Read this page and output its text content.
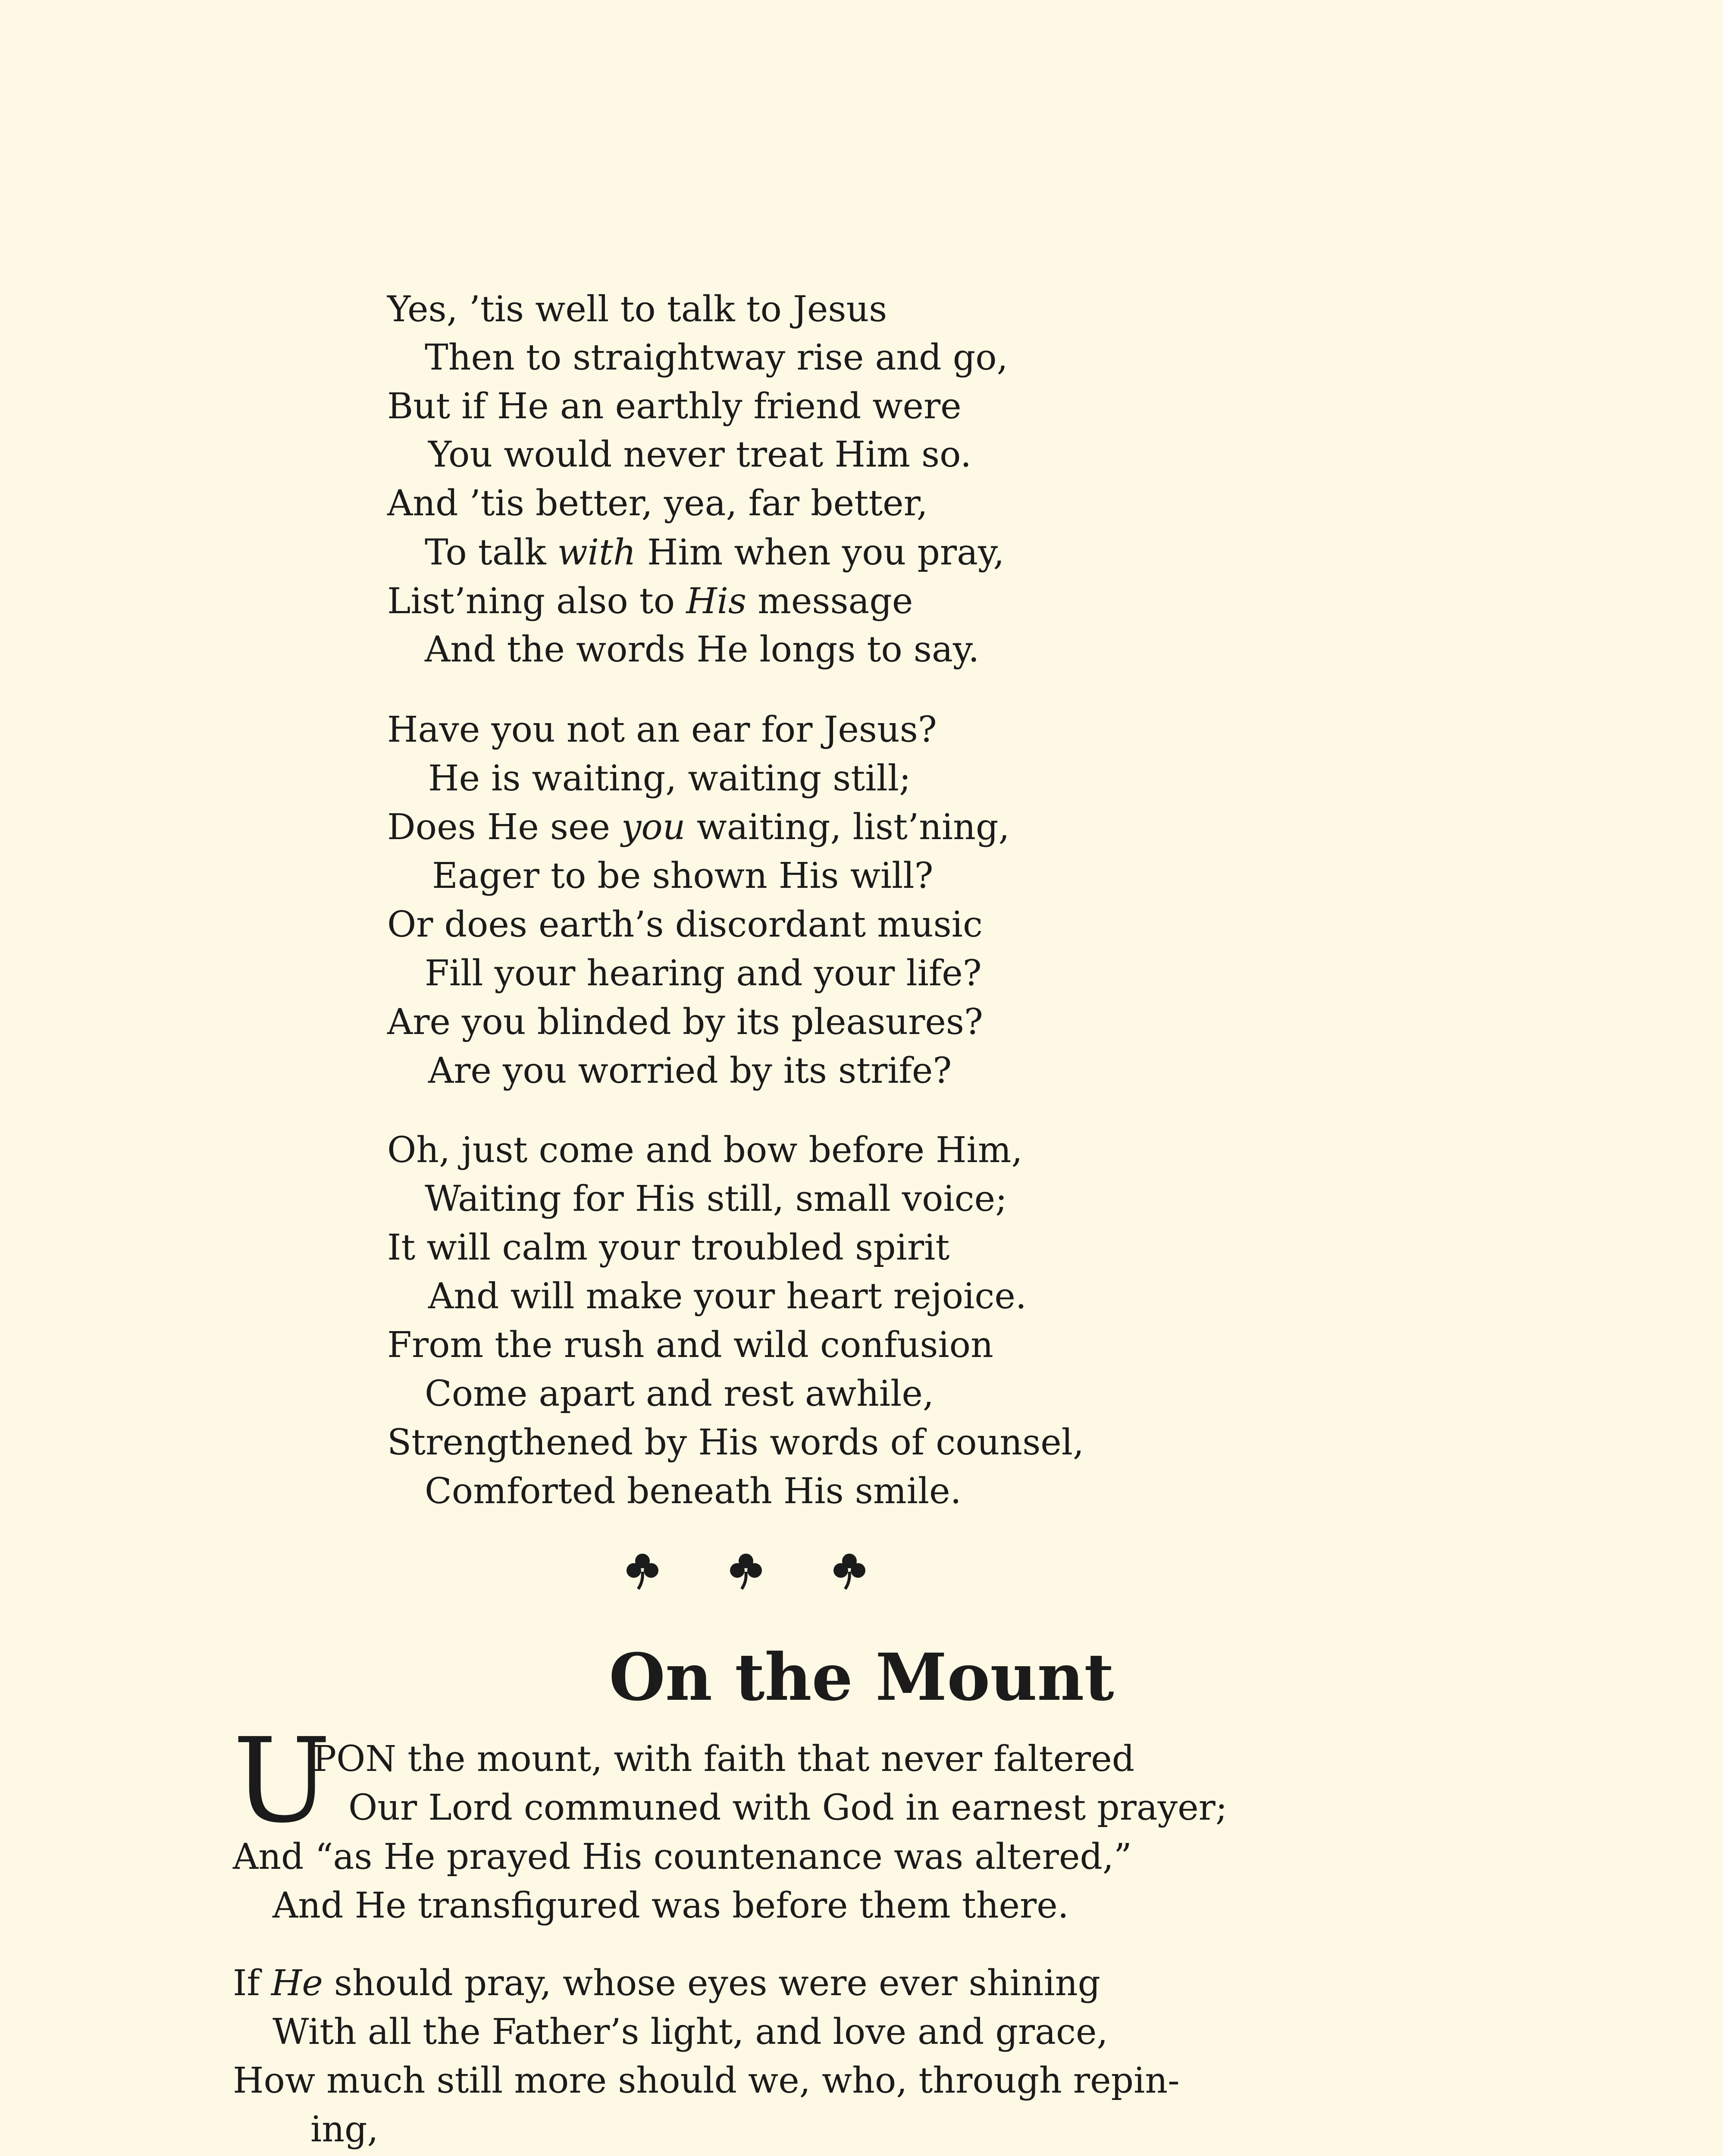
Yes, ’tis well to talk to Jesus
Then to straightway rise and go,
But if He an earthly friend were
You would never treat Him so.
And ’tis better, yea, far better,
To talk with Him when you pray,
List’ning also to His message
And the words He longs to say.
Have you not an ear for Jesus?
He is waiting, waiting still;
Does He see you waiting, list’ning,
Eager to be shown His will?
Or does earth’s discordant music
Fill your hearing and your life?
Are you blinded by its pleasures?
Are you worried by its strife?
Oh, just come and bow before Him,
Waiting for His still, small voice;
It will calm your troubled spirit
And will make your heart rejoice.
From the rush and wild confusion
Come apart and rest awhile,
Strengthened by His words of counsel,
Comforted beneath His smile.
On the Mount
U
PON the mount, with faith that never faltered
Our Lord communed with God in earnest prayer;
And “as He prayed His countenance was altered,”
And He transfigured was before them there.
If He should pray, whose eyes were ever shining
With all the Father’s light, and love and grace,
How much still more should we, who, through repin-
ing,
